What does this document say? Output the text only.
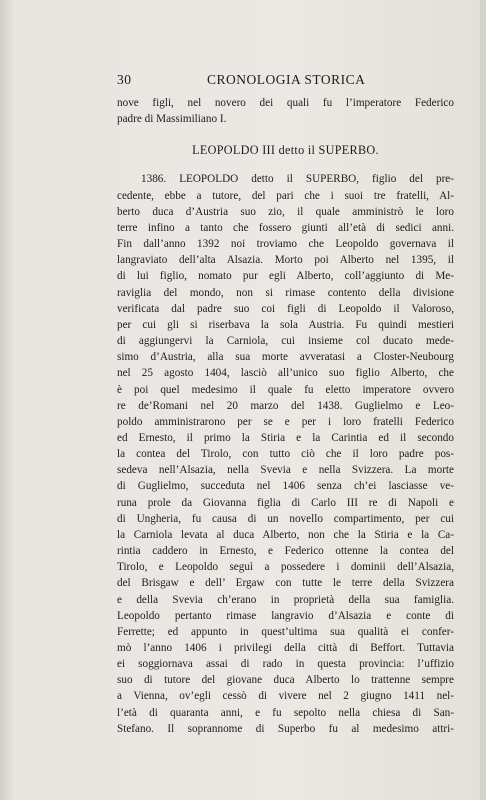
30	CRONOLOGIA STORICA
nove figli, nel novero dei quali fu l’imperatore Federico
padre di Massimiliano I.
LEOPOLDO III detto il SUPERBO.
1386. LEOPOLDO detto il SUPERBO, figlio del pre-
cedente, ebbe a tutore, del pari che i suoi tre fratelli, Al-
berto duca d’Austria suo zio, il quale amministrò le loro
terre infino a tanto che fossero giunti all’età di sedici anni.
Fin dall’anno 1392 noi troviamo che Leopoldo governava il
langraviato dell’alta Alsazia. Morto poi Alberto nel 1395, il
di lui figlio, nomato pur egli Alberto, coll’aggiunto di Me-
raviglia del mondo, non si rimase contento della divisione
verificata dal padre suo coi figli di Leopoldo il Valoroso,
per cui gli si riserbava la sola Austria. Fu quindi mestieri
di aggiungervi la Carniola, cui insieme col ducato mede-
simo d’Austria, alla sua morte avveratasi a Closter-Neubourg
nel 25 agosto 1404, lasciò all’unico suo figlio Alberto, che
è poi quel medesimo il quale fu eletto imperatore ovvero
re de’Romani nel 20 marzo del 1438. Guglielmo e Leo-
poldo amministrarono per se e per i loro fratelli Federico
ed Ernesto, il primo la Stiria e la Carintia ed il secondo
la contea del Tirolo, con tutto ciò che il loro padre pos-
sedeva nell’Alsazia, nella Svevia e nella Svizzera. La morte
di Guglielmo, succeduta nel 1406 senza ch’ei lasciasse ve-
runa prole da Giovanna figlia di Carlo III re di Napoli e
di Ungheria, fu causa di un novello compartimento, per cui
la Carniola levata al duca Alberto, non che la Stiria e la Ca-
rintia caddero in Ernesto, e Federico ottenne la contea del
Tirolo, e Leopoldo seguì a possedere i dominii dell’Alsazia,
del Brisgaw e dell’ Ergaw con tutte le terre della Svizzera
e della Svevia ch’erano in proprietà della sua famiglia.
Leopoldo pertanto rimase langravio d’Alsazia e conte di
Ferrette; ed appunto in quest’ultima sua qualità ei confer-
mò l’anno 1406 i privilegi della città di Beffort. Tuttavia
ei soggiornava assai di rado in questa provincia: l’uffizio
suo di tutore del giovane duca Alberto lo trattenne sempre
a Vienna, ov’egli cessò di vivere nel 2 giugno 1411 nel-
l’età di quaranta anni, e fu sepolto nella chiesa di San-
Stefano. Il soprannome di Superbo fu al medesimo attri-
